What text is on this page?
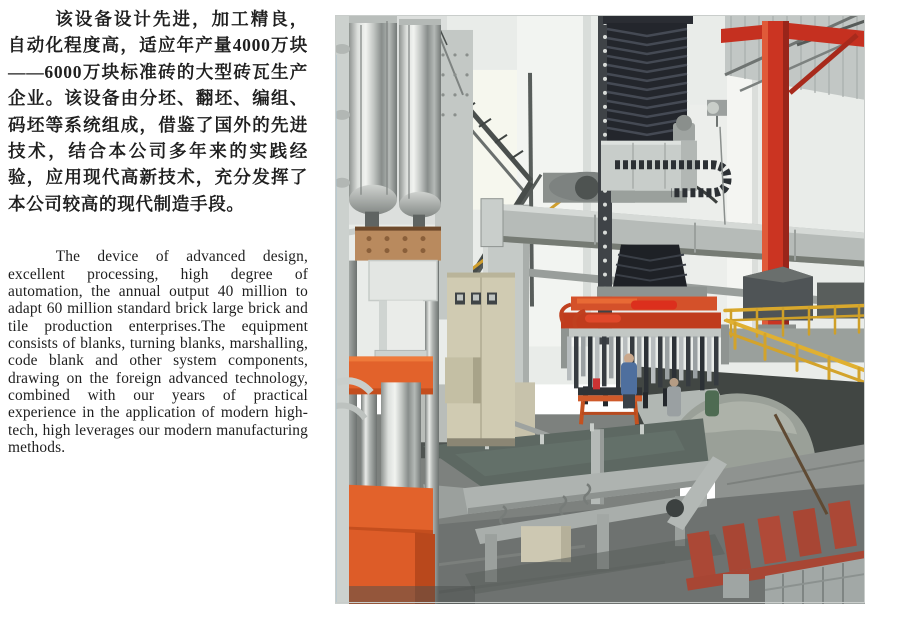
该设备设计先进，加工精良，自动化程度高，适应年产量4000万块——6000万块标准砖的大型砖瓦生产企业。该设备由分坯、翻坯、编组、码坯等系统组成，借鉴了国外的先进技术，结合本公司多年来的实践经验，应用现代高新技术，充分发挥了本公司较高的现代制造手段。

The device of advanced design, excellent processing, high degree of automation, the annual output 40 million to adapt 60 million standard brick large brick and tile production enterprises.The equipment consists of blanks, turning blanks, marshalling, code blank and other system components, drawing on the foreign advanced technology, combined with our years of practical experience in the application of modern high-tech, high leverages our modern manufacturing methods.
